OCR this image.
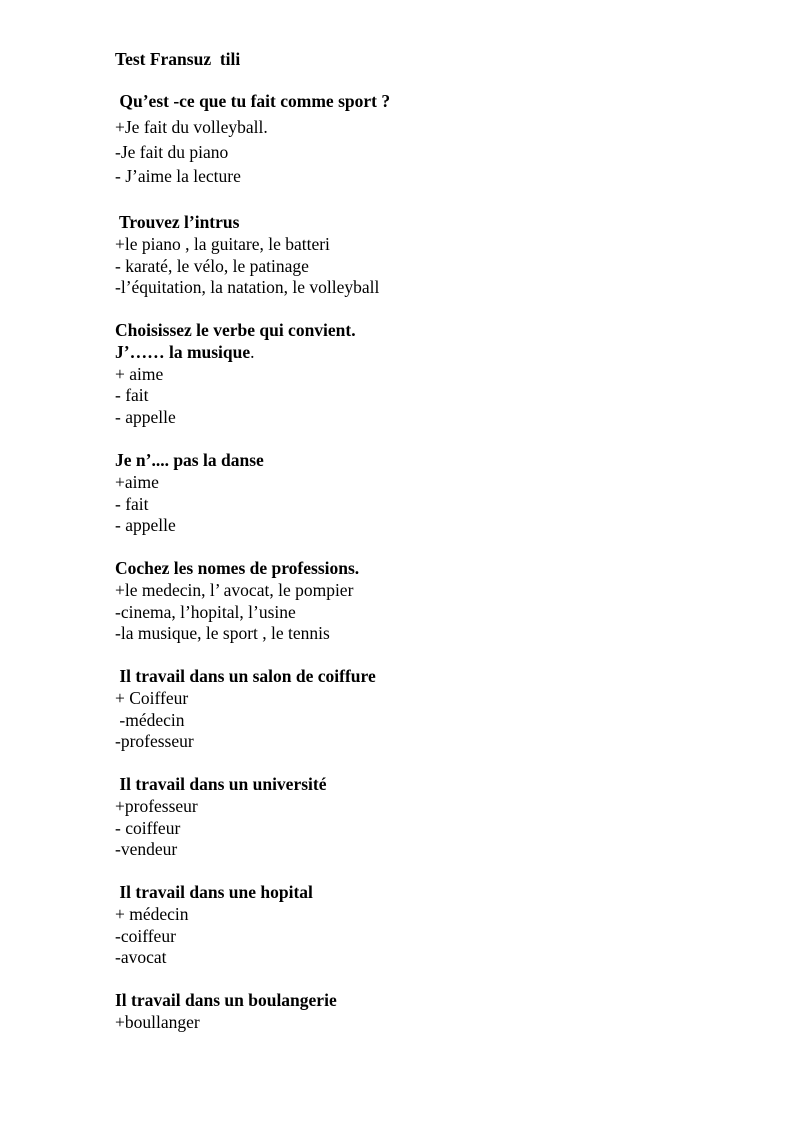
Test Fransuz  tili
Qu’est -ce que tu fait comme sport ?
+Je fait du volleyball.
-Je fait du piano
- J’aime la lecture
Trouvez l’intrus
+le piano , la guitare, le batteri
- karaté, le vélo, le patinage
-l’équitation, la natation, le volleyball
Choisissez le verbe qui convient.
J’…… la musique.
+ aime
- fait
- appelle
Je n’.... pas la danse
+aime
- fait
- appelle
Cochez les nomes de professions.
+le medecin, l’ avocat, le pompier
-cinema, l’hopital, l’usine
-la musique, le sport , le tennis
Il travail dans un salon de coiffure
+ Coiffeur
-médecin
-professeur
Il travail dans un université
+professeur
- coiffeur
-vendeur
Il travail dans une hopital
+ médecin
-coiffeur
-avocat
Il travail dans un boulangerie
+boullanger
